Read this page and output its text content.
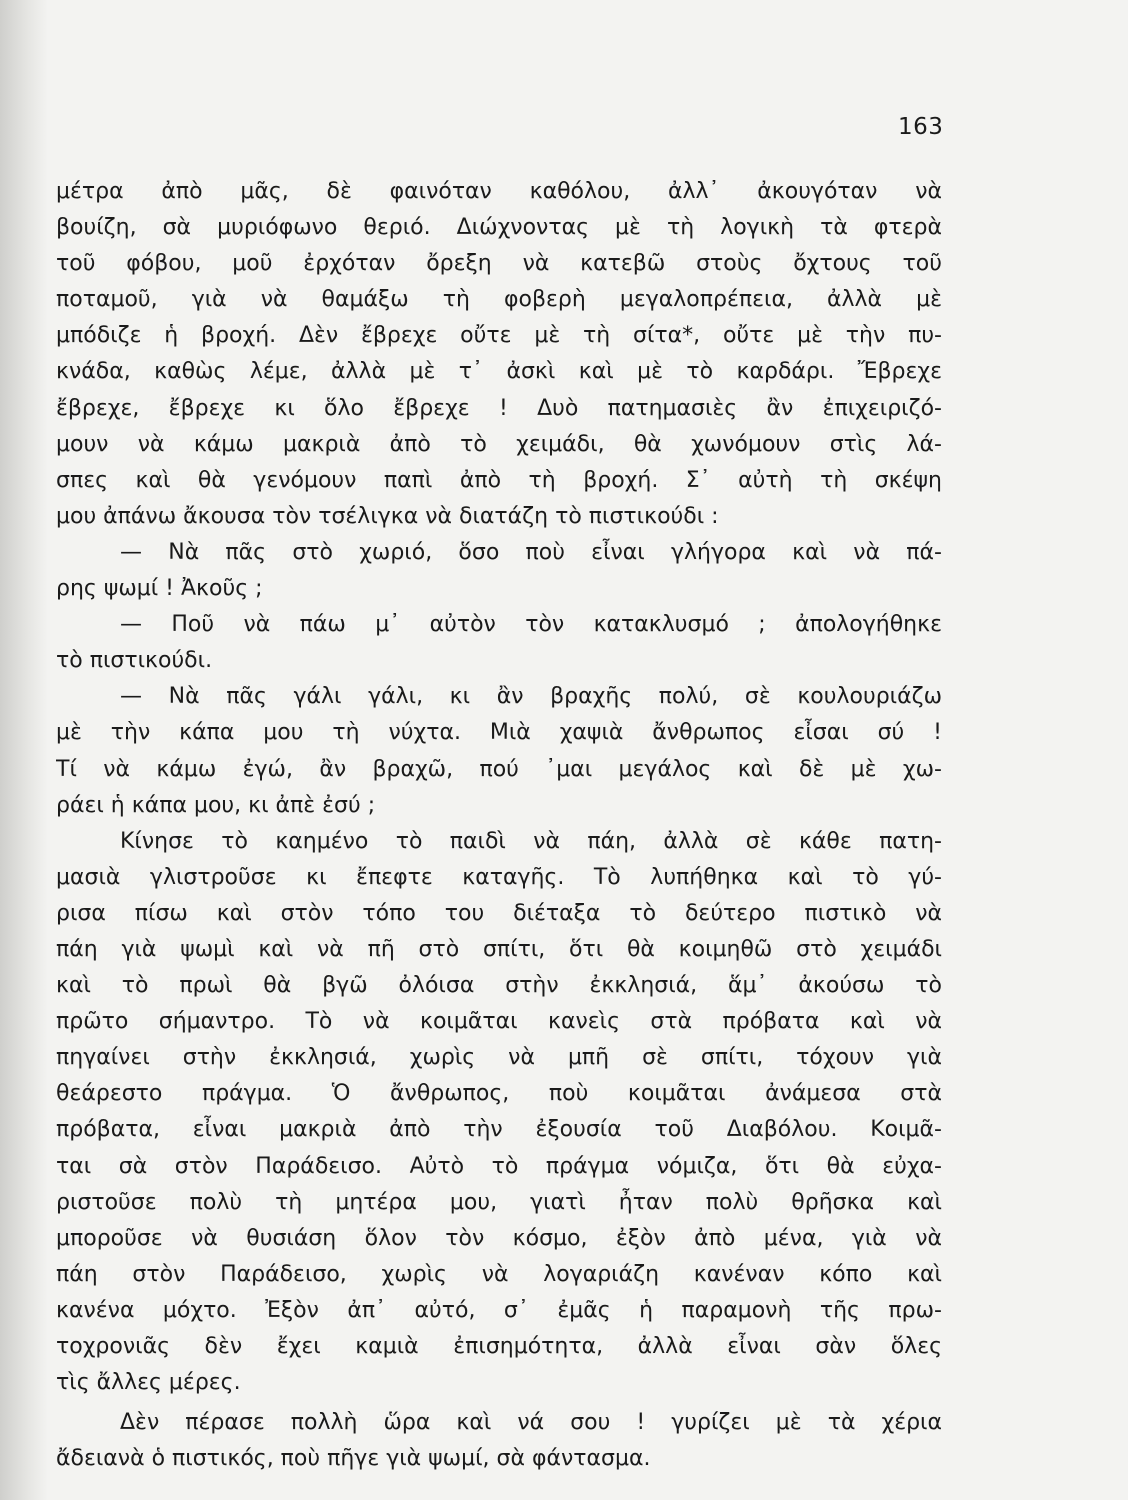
163
μέτρα ἀπὸ μᾶς, δὲ φαινόταν καθόλου, ἀλλ᾽ ἀκουγόταν νὰ
βουίζη, σὰ μυριόφωνο θεριό. Διώχνοντας μὲ τὴ λογικὴ τὰ φτερὰ
τοῦ φόβου, μοῦ ἐρχόταν ὄρεξη νὰ κατεβῶ στοὺς ὄχτους τοῦ
ποταμοῦ, γιὰ νὰ θαμάξω τὴ φοβερὴ μεγαλοπρέπεια, ἀλλὰ μὲ
μπόδιζε ἡ βροχή. Δὲν ἔβρεχε οὔτε μὲ τὴ σίτα*, οὔτε μὲ τὴν πυ-
κνάδα, καθὼς λέμε, ἀλλὰ μὲ τ᾽ ἀσκὶ καὶ μὲ τὸ καρδάρι. Ἔβρεχε
ἔβρεχε, ἔβρεχε κι ὅλο ἔβρεχε ! Δυὸ πατημασιὲς ἂν ἐπιχειριζό-
μουν νὰ κάμω μακριὰ ἀπὸ τὸ χειμάδι, θὰ χωνόμουν στὶς λά-
σπες καὶ θὰ γενόμουν παπὶ ἀπὸ τὴ βροχή. Σ᾽ αὐτὴ τὴ σκέψη
μου ἀπάνω ἄκουσα τὸν τσέλιγκα νὰ διατάζη τὸ πιστικούδι :
— Νὰ πᾶς στὸ χωριό, ὅσο ποὺ εἶναι γλήγορα καὶ νὰ πά-
ρης ψωμί ! Ἀκοῦς ;
— Ποῦ νὰ πάω μ᾽ αὐτὸν τὸν κατακλυσμό ; ἀπολογήθηκε
τὸ πιστικούδι.
— Νὰ πᾶς γάλι γάλι, κι ἂν βραχῆς πολύ, σὲ κουλουριάζω
μὲ τὴν κάπα μου τὴ νύχτα. Μιὰ χαψιὰ ἄνθρωπος εἶσαι σύ !
Τί νὰ κάμω ἐγώ, ἂν βραχῶ, πού ᾽μαι μεγάλος καὶ δὲ μὲ χω-
ράει ἡ κάπα μου, κι ἀπὲ ἐσύ ;
Κίνησε τὸ καημένο τὸ παιδὶ νὰ πάη, ἀλλὰ σὲ κάθε πατη-
μασιὰ γλιστροῦσε κι ἔπεφτε καταγῆς. Τὸ λυπήθηκα καὶ τὸ γύ-
ρισα πίσω καὶ στὸν τόπο του διέταξα τὸ δεύτερο πιστικὸ νὰ
πάη γιὰ ψωμὶ καὶ νὰ πῆ στὸ σπίτι, ὅτι θὰ κοιμηθῶ στὸ χειμάδι
καὶ τὸ πρωὶ θὰ βγῶ ὀλόισα στὴν ἐκκλησιά, ἅμ᾽ ἀκούσω τὸ
πρῶτο σήμαντρο. Τὸ νὰ κοιμᾶται κανεὶς στὰ πρόβατα καὶ νὰ
πηγαίνει στὴν ἐκκλησιά, χωρὶς νὰ μπῆ σὲ σπίτι, τόχουν γιὰ
θεάρεστο πράγμα. Ὁ ἄνθρωπος, ποὺ κοιμᾶται ἀνάμεσα στὰ
πρόβατα, εἶναι μακριὰ ἀπὸ τὴν ἐξουσία τοῦ Διαβόλου. Κοιμᾶ-
ται σὰ στὸν Παράδεισο. Αὐτὸ τὸ πράγμα νόμιζα, ὅτι θὰ εὐχα-
ριστοῦσε πολὺ τὴ μητέρα μου, γιατὶ ἦταν πολὺ θρῆσκα καὶ
μποροῦσε νὰ θυσιάση ὅλον τὸν κόσμο, ἐξὸν ἀπὸ μένα, γιὰ νὰ
πάη στὸν Παράδεισο, χωρὶς νὰ λογαριάζη κανέναν κόπο καὶ
κανένα μόχτο. Ἐξὸν ἀπ᾽ αὐτό, σ᾽ ἐμᾶς ἡ παραμονὴ τῆς πρω-
τοχρονιᾶς δὲν ἔχει καμιὰ ἐπισημότητα, ἀλλὰ εἶναι σὰν ὅλες
τὶς ἄλλες μέρες.
Δὲν πέρασε πολλὴ ὥρα καὶ νά σου ! γυρίζει μὲ τὰ χέρια
ἄδειανὰ ὁ πιστικός, ποὺ πῆγε γιὰ ψωμί, σὰ φάντασμα.
